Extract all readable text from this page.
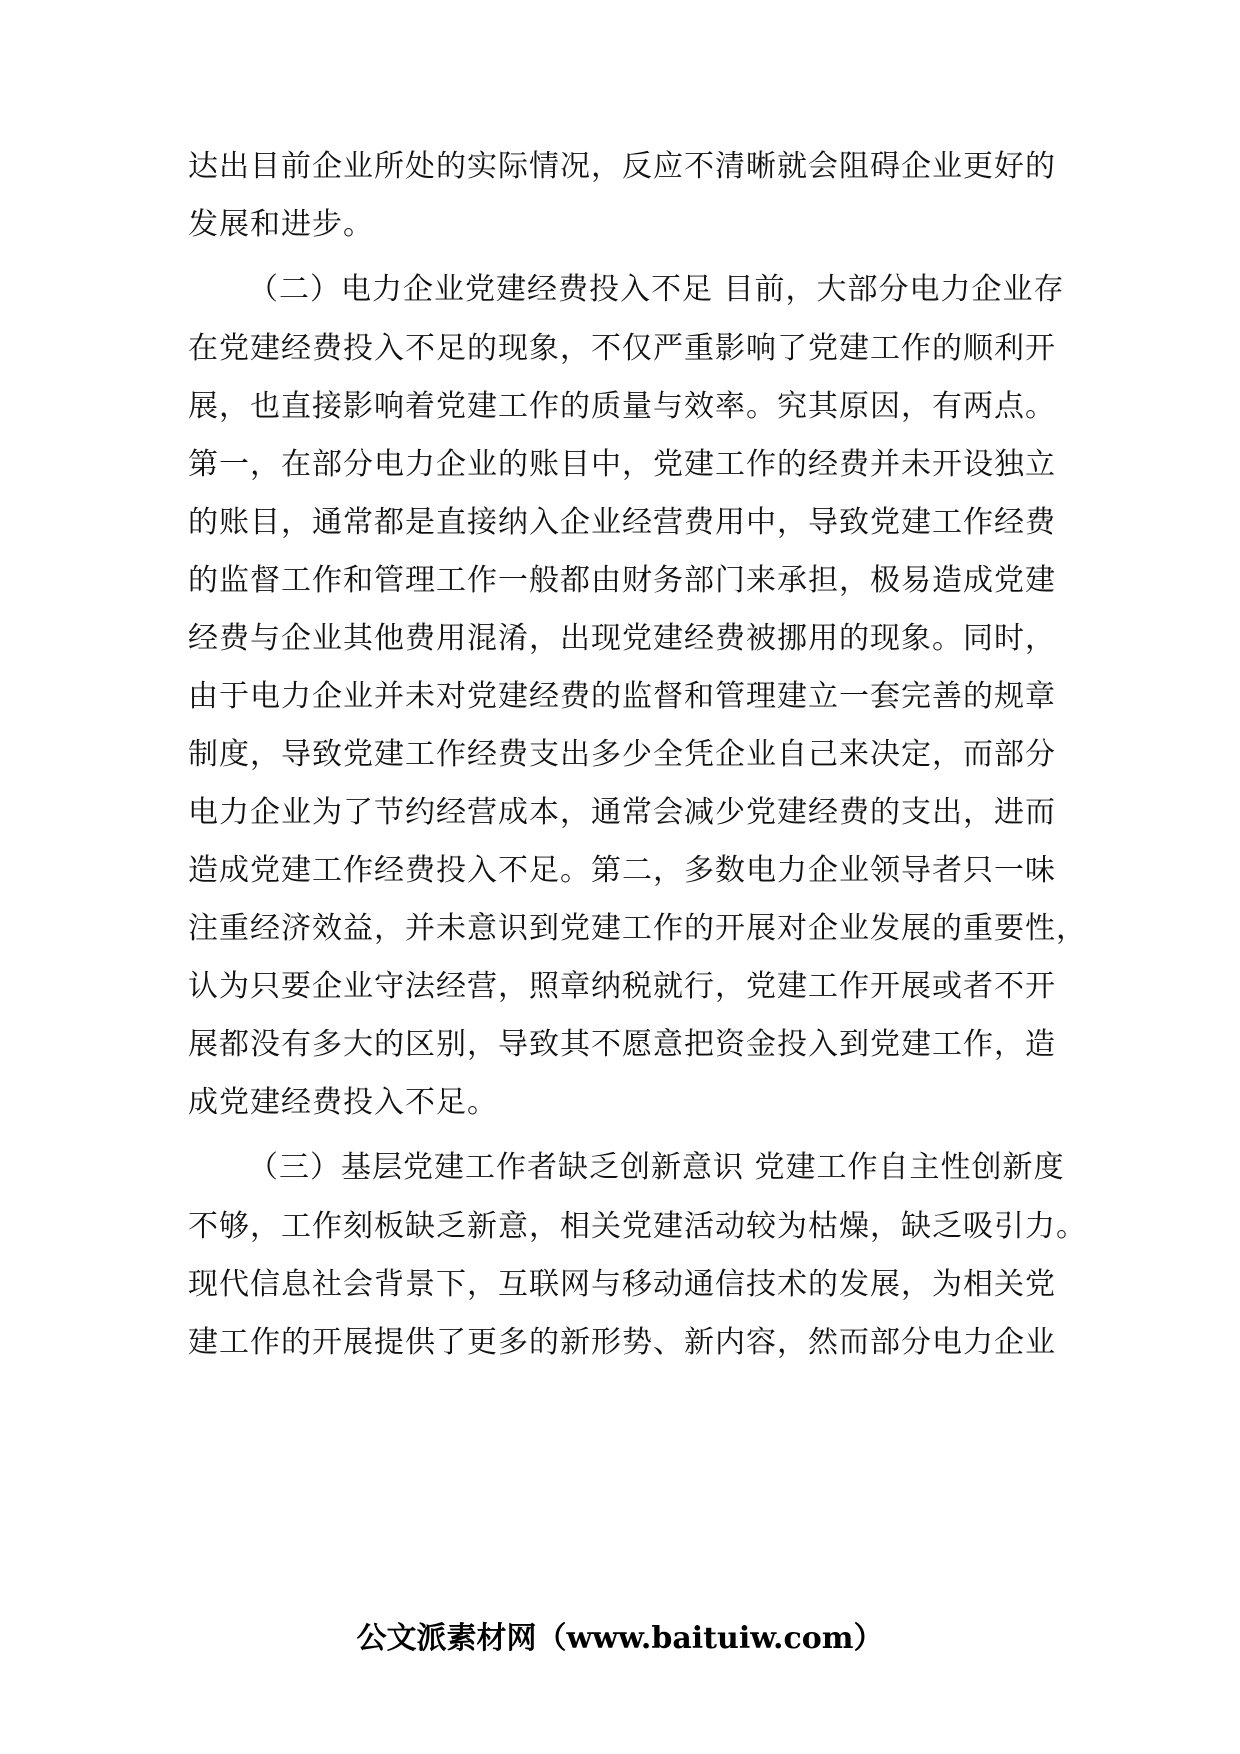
达出目前企业所处的实际情况，反应不清晰就会阻碍企业更好的
发展和进步。
（二）电力企业党建经费投入不足 目前，大部分电力企业存
在党建经费投入不足的现象，不仅严重影响了党建工作的顺利开
展，也直接影响着党建工作的质量与效率。究其原因，有两点。
第一，在部分电力企业的账目中，党建工作的经费并未开设独立
的账目，通常都是直接纳入企业经营费用中，导致党建工作经费
的监督工作和管理工作一般都由财务部门来承担，极易造成党建
经费与企业其他费用混淆，出现党建经费被挪用的现象。同时，
由于电力企业并未对党建经费的监督和管理建立一套完善的规章
制度，导致党建工作经费支出多少全凭企业自己来决定，而部分
电力企业为了节约经营成本，通常会减少党建经费的支出，进而
造成党建工作经费投入不足。第二，多数电力企业领导者只一味
注重经济效益，并未意识到党建工作的开展对企业发展的重要性，
认为只要企业守法经营，照章纳税就行，党建工作开展或者不开
展都没有多大的区别，导致其不愿意把资金投入到党建工作，造
成党建经费投入不足。
（三）基层党建工作者缺乏创新意识 党建工作自主性创新度
不够，工作刻板缺乏新意，相关党建活动较为枯燥，缺乏吸引力。
现代信息社会背景下，互联网与移动通信技术的发展，为相关党
建工作的开展提供了更多的新形势、新内容，然而部分电力企业
公文派素材网（www.baituiw.com）
